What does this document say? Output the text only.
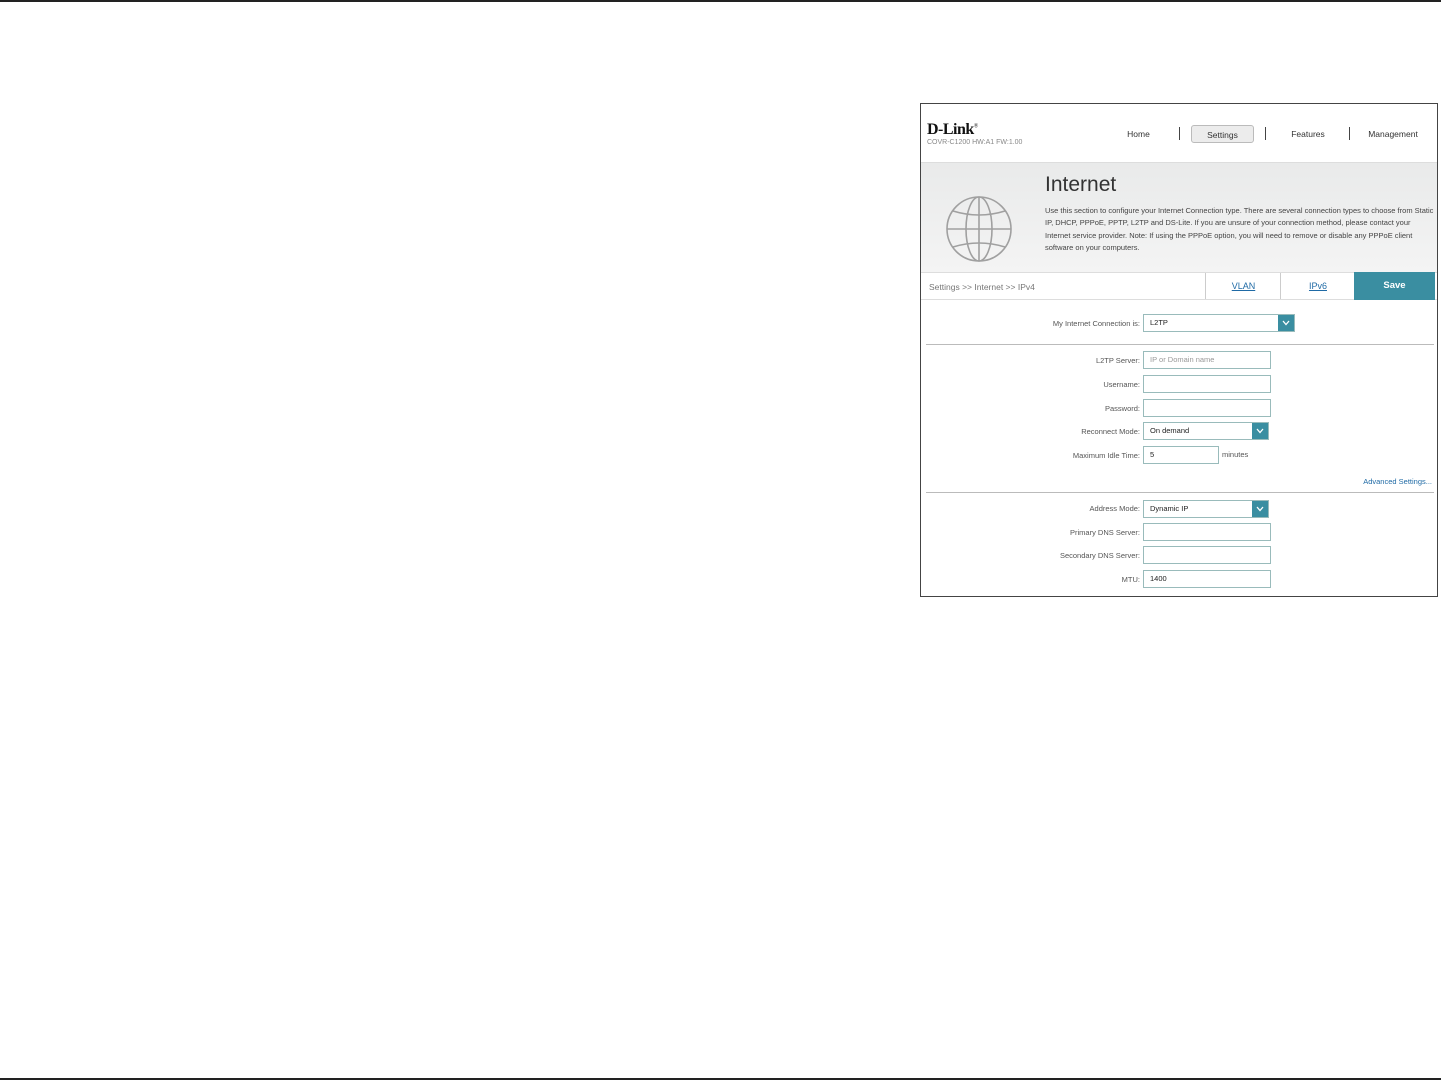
D-Link®
COVR-C1200 HW:A1 FW:1.00
Home	Settings	Features	Management
Internet
Use this section to configure your Internet Connection type. There are several connection types to choose from Static IP, DHCP, PPPoE, PPTP, L2TP and DS-Lite. If you are unsure of your connection method, please contact your Internet service provider. Note: If using the PPPoE option, you will need to remove or disable any PPPoE client software on your computers.
Settings >> Internet >> IPv4	VLAN	IPv6	Save
My Internet Connection is:	L2TP
L2TP Server:	IP or Domain name
Username:
Password:
Reconnect Mode:	On demand
Maximum Idle Time:	5	minutes
Advanced Settings...
Address Mode:	Dynamic IP
Primary DNS Server:
Secondary DNS Server:
MTU:	1400
